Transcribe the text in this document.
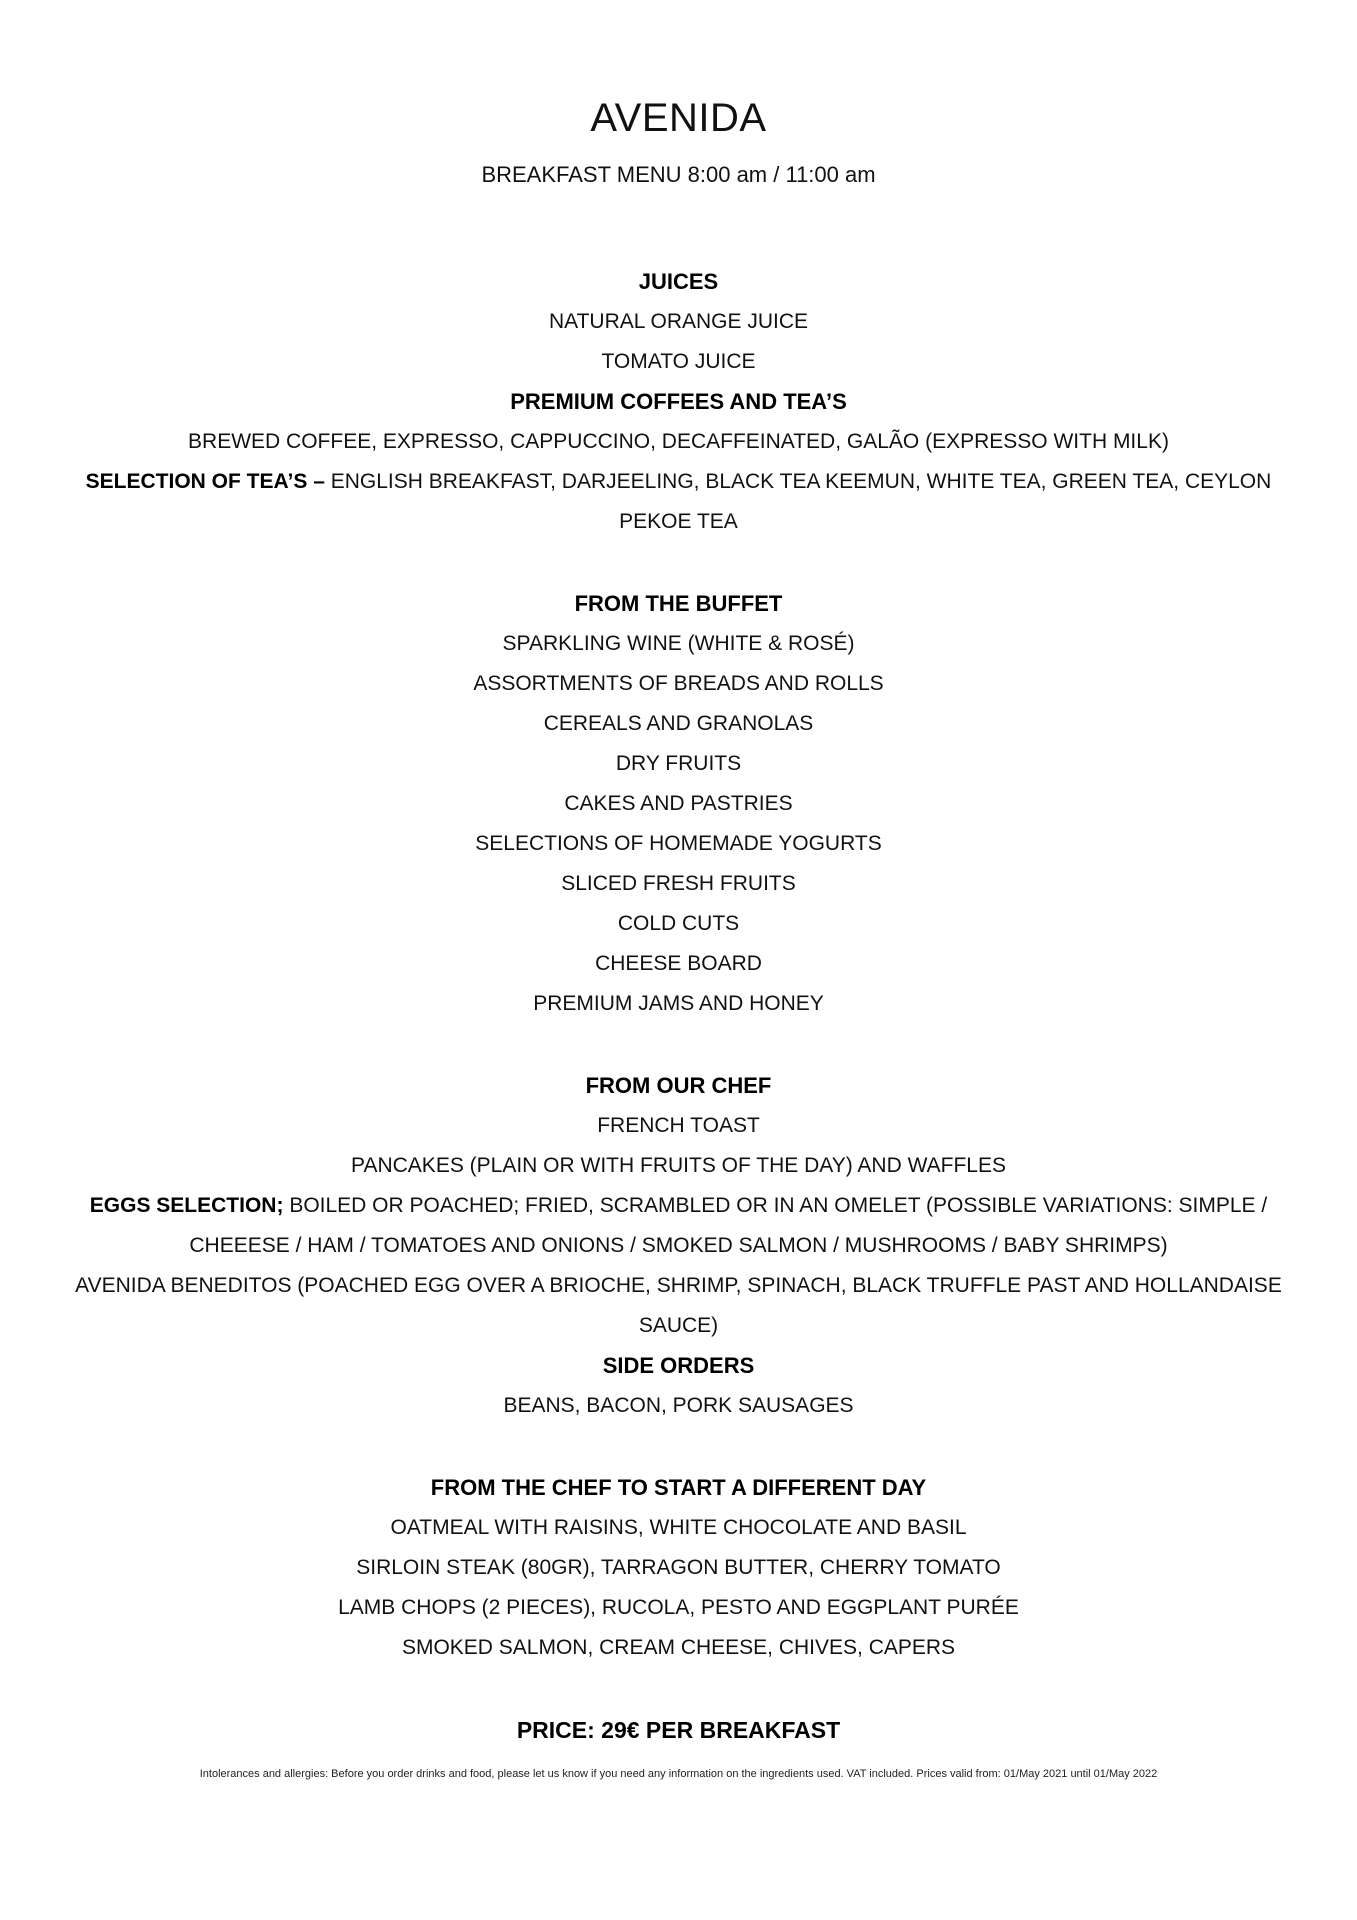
AVENIDA
BREAKFAST MENU 8:00 am / 11:00 am
JUICES

NATURAL ORANGE JUICE

TOMATO JUICE

PREMIUM COFFEES AND TEA’S

BREWED COFFEE, EXPRESSO, CAPPUCCINO, DECAFFEINATED, GALÃO (EXPRESSO WITH MILK)

SELECTION OF TEA’S – ENGLISH BREAKFAST, DARJEELING, BLACK TEA KEEMUN, WHITE TEA, GREEN TEA, CEYLON PEKOE TEA

FROM THE BUFFET

SPARKLING WINE (WHITE & ROSÉ)

ASSORTMENTS OF BREADS AND ROLLS

CEREALS AND GRANOLAS

DRY FRUITS

CAKES AND PASTRIES

SELECTIONS OF HOMEMADE YOGURTS

SLICED FRESH FRUITS

COLD CUTS

CHEESE BOARD

PREMIUM JAMS AND HONEY

FROM OUR CHEF

FRENCH TOAST

PANCAKES (PLAIN OR WITH FRUITS OF THE DAY) AND WAFFLES

EGGS SELECTION; BOILED OR POACHED; FRIED, SCRAMBLED OR IN AN OMELET (POSSIBLE VARIATIONS: SIMPLE / CHEEESE / HAM / TOMATOES AND ONIONS / SMOKED SALMON / MUSHROOMS / BABY SHRIMPS)

AVENIDA BENEDITOS (POACHED EGG OVER A BRIOCHE, SHRIMP, SPINACH, BLACK TRUFFLE PAST AND HOLLANDAISE SAUCE)

SIDE ORDERS

BEANS, BACON, PORK SAUSAGES

FROM THE CHEF TO START A DIFFERENT DAY

OATMEAL WITH RAISINS, WHITE CHOCOLATE AND BASIL

SIRLOIN STEAK (80GR), TARRAGON BUTTER, CHERRY TOMATO

LAMB CHOPS (2 PIECES), RUCOLA, PESTO AND EGGPLANT PURÉE

SMOKED SALMON, CREAM CHEESE, CHIVES, CAPERS

PRICE: 29€ PER BREAKFAST

Intolerances and allergies: Before you order drinks and food, please let us know if you need any information on the ingredients used. VAT included. Prices valid from: 01/May 2021 until 01/May 2022
